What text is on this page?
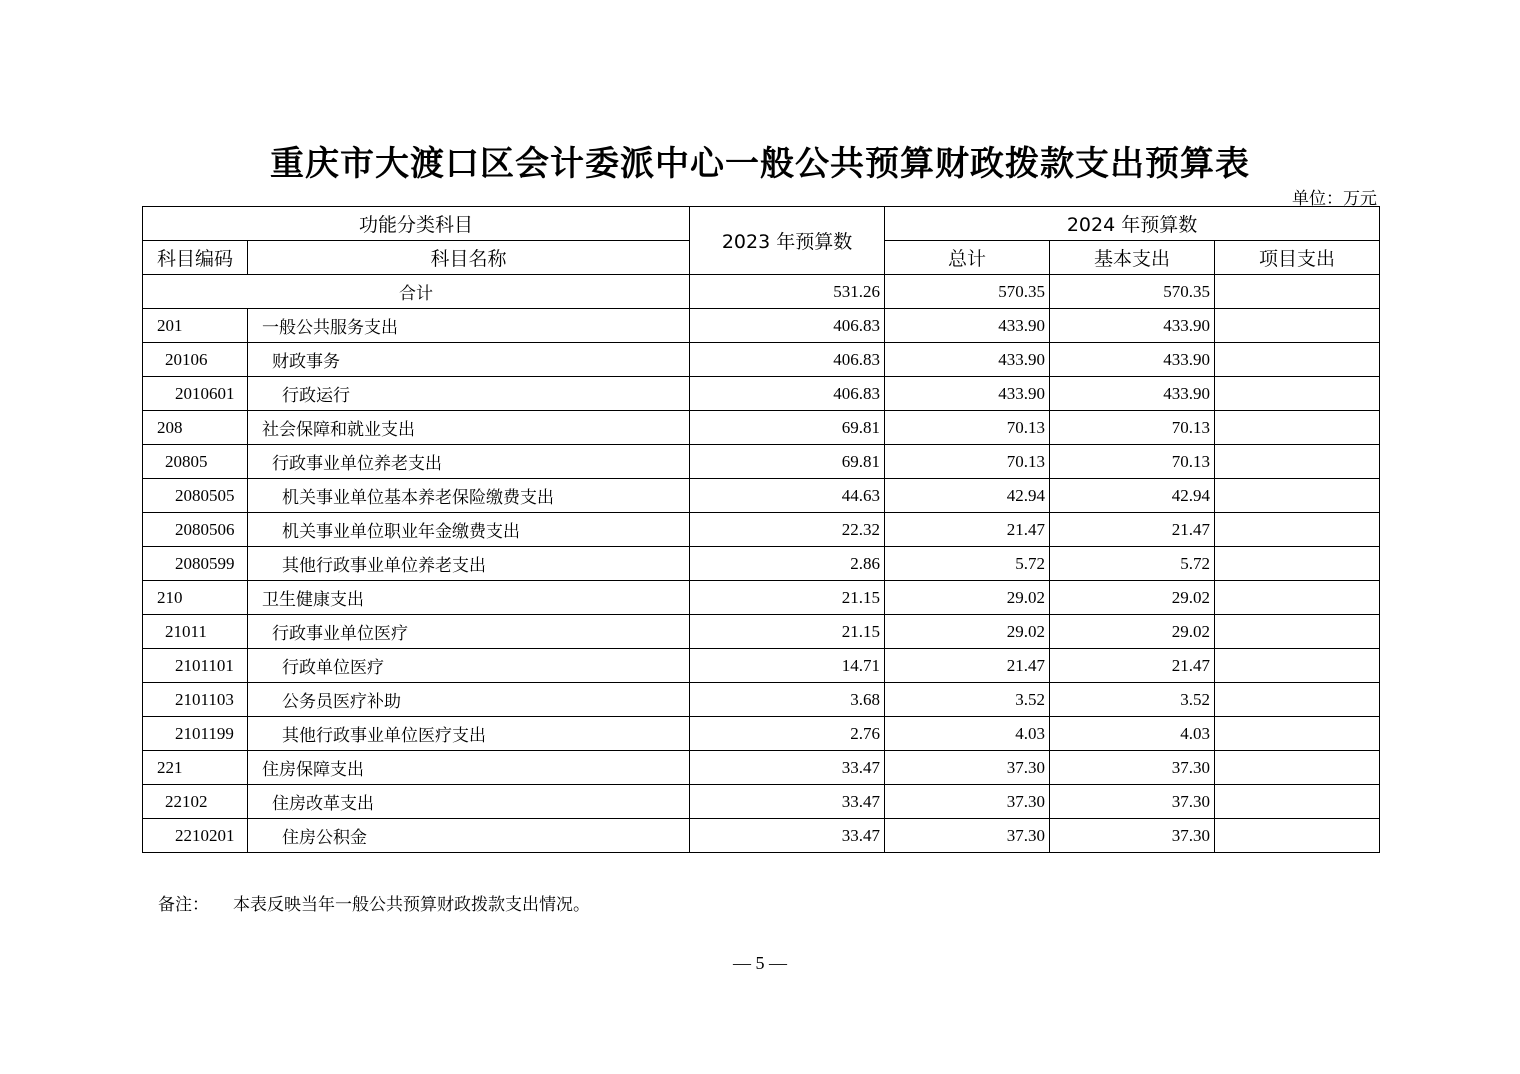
重庆市大渡口区会计委派中心一般公共预算财政拨款支出预算表
单位：万元
功能分类科目		2023 年预算数	2024 年预算数		
科目编码	科目名称		总计	基本支出	项目支出
合计		531.26	570.35	570.35	
201	一般公共服务支出	406.83	433.90	433.90	
20106	财政事务	406.83	433.90	433.90	
2010601	行政运行	406.83	433.90	433.90	
208	社会保障和就业支出	69.81	70.13	70.13	
20805	行政事业单位养老支出	69.81	70.13	70.13	
2080505	机关事业单位基本养老保险缴费支出	44.63	42.94	42.94	
2080506	机关事业单位职业年金缴费支出	22.32	21.47	21.47	
2080599	其他行政事业单位养老支出	2.86	5.72	5.72	
210	卫生健康支出	21.15	29.02	29.02	
21011	行政事业单位医疗	21.15	29.02	29.02	
2101101	行政单位医疗	14.71	21.47	21.47	
2101103	公务员医疗补助	3.68	3.52	3.52	
2101199	其他行政事业单位医疗支出	2.76	4.03	4.03	
221	住房保障支出	33.47	37.30	37.30	
22102	住房改革支出	33.47	37.30	37.30	
2210201	住房公积金	33.47	37.30	37.30	
备注： 本表反映当年一般公共预算财政拨款支出情况。
— 5 —
